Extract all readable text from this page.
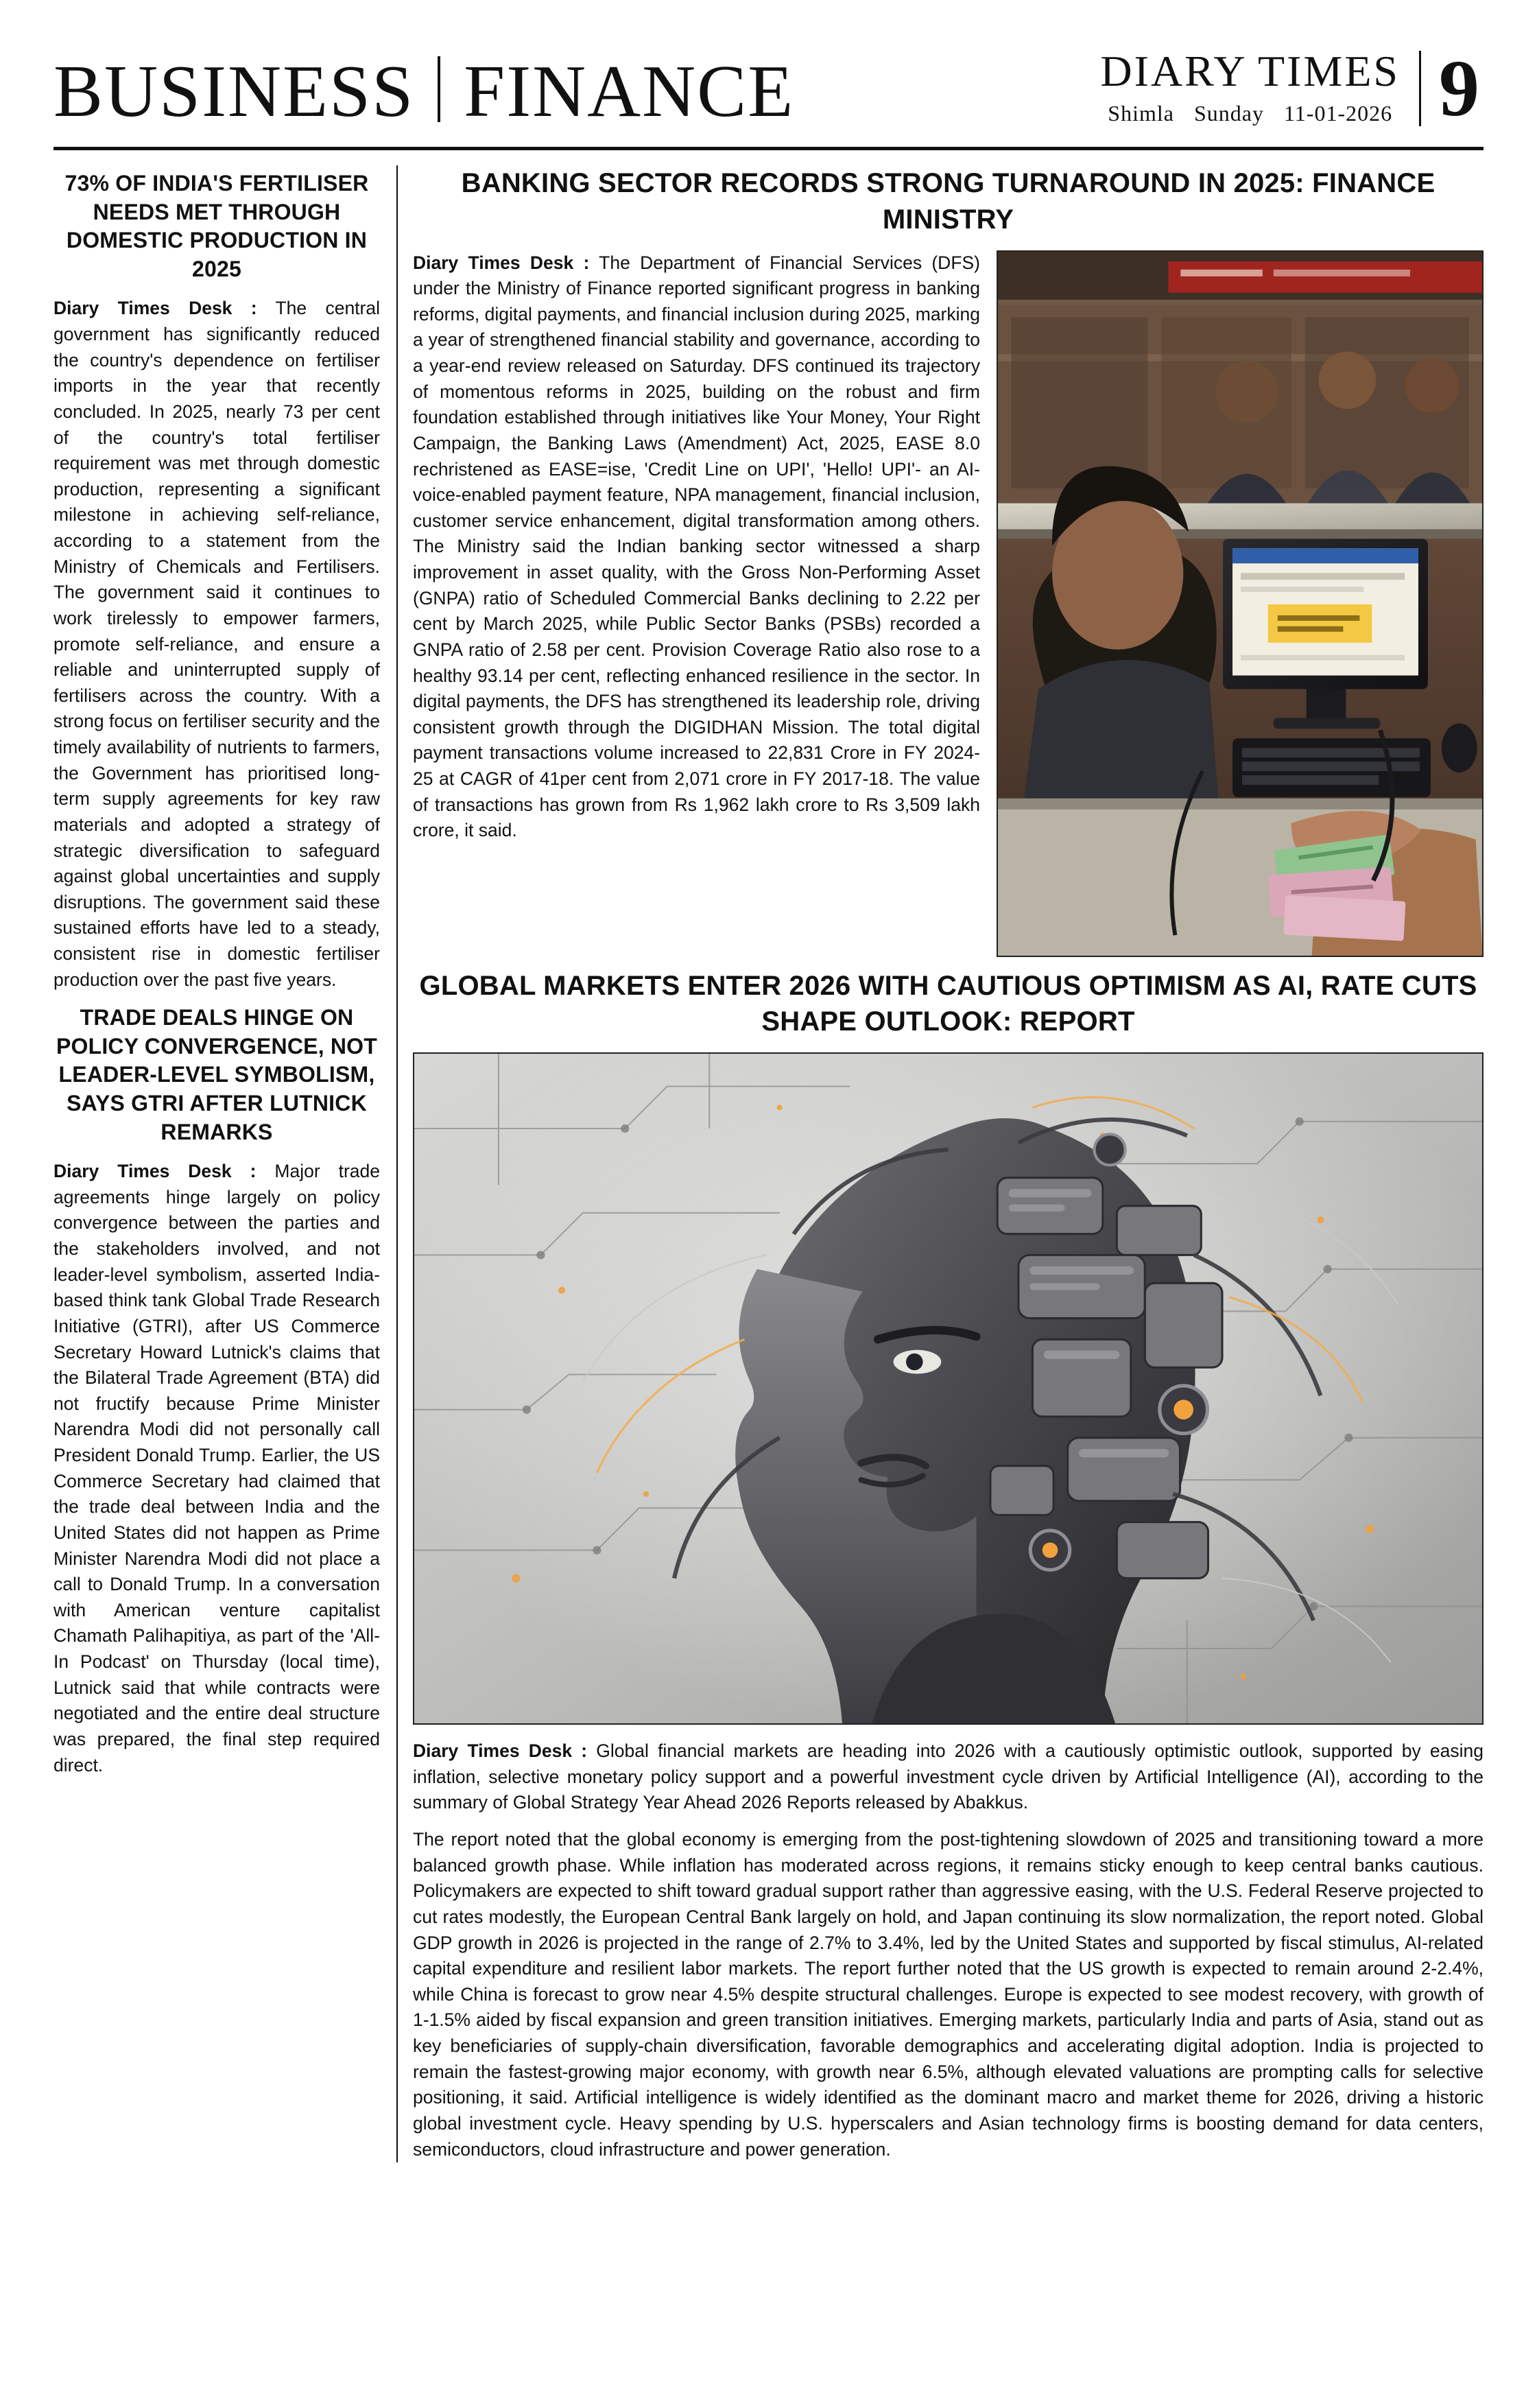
BUSINESS FINANCE	DIARY TIMES
Shimla Sunday 11-01-2026 9
73% OF INDIA'S FERTILISER NEEDS MET THROUGH DOMESTIC PRODUCTION IN 2025

Diary Times Desk : The central government has significantly reduced the country's dependence on fertiliser imports in the year that recently concluded. In 2025, nearly 73 per cent of the country's total fertiliser requirement was met through domestic production, representing a significant milestone in achieving self-reliance, according to a statement from the Ministry of Chemicals and Fertilisers. The government said it continues to work tirelessly to empower farmers, promote self-reliance, and ensure a reliable and uninterrupted supply of fertilisers across the country. With a strong focus on fertiliser security and the timely availability of nutrients to farmers, the Government has prioritised long-term supply agreements for key raw materials and adopted a strategy of strategic diversification to safeguard against global uncertainties and supply disruptions. The government said these sustained efforts have led to a steady, consistent rise in domestic fertiliser production over the past five years.

TRADE DEALS HINGE ON POLICY CONVERGENCE, NOT LEADER-LEVEL SYMBOLISM, SAYS GTRI AFTER LUTNICK REMARKS

Diary Times Desk : Major trade agreements hinge largely on policy convergence between the parties and the stakeholders involved, and not leader-level symbolism, asserted India-based think tank Global Trade Research Initiative (GTRI), after US Commerce Secretary Howard Lutnick's claims that the Bilateral Trade Agreement (BTA) did not fructify because Prime Minister Narendra Modi did not personally call President Donald Trump. Earlier, the US Commerce Secretary had claimed that the trade deal between India and the United States did not happen as Prime Minister Narendra Modi did not place a call to Donald Trump. In a conversation with American venture capitalist Chamath Palihapitiya, as part of the 'All-In Podcast' on Thursday (local time), Lutnick said that while contracts were negotiated and the entire deal structure was prepared, the final step required direct.

BANKING SECTOR RECORDS STRONG TURNAROUND IN 2025: FINANCE MINISTRY

Diary Times Desk : The Department of Financial Services (DFS) under the Ministry of Finance reported significant progress in banking reforms, digital payments, and financial inclusion during 2025, marking a year of strengthened financial stability and governance, according to a year-end review released on Saturday. DFS continued its trajectory of momentous reforms in 2025, building on the robust and firm foundation established through initiatives like Your Money, Your Right Campaign, the Banking Laws (Amendment) Act, 2025, EASE 8.0 rechristened as EASE=ise, 'Credit Line on UPI', 'Hello! UPI'- an AI-voice-enabled payment feature, NPA management, financial inclusion, customer service enhancement, digital transformation among others. The Ministry said the Indian banking sector witnessed a sharp improvement in asset quality, with the Gross Non-Performing Asset (GNPA) ratio of Scheduled Commercial Banks declining to 2.22 per cent by March 2025, while Public Sector Banks (PSBs) recorded a GNPA ratio of 2.58 per cent. Provision Coverage Ratio also rose to a healthy 93.14 per cent, reflecting enhanced resilience in the sector. In digital payments, the DFS has strengthened its leadership role, driving consistent growth through the DIGIDHAN Mission. The total digital payment transactions volume increased to 22,831 Crore in FY 2024-25 at CAGR of 41per cent from 2,071 crore in FY 2017-18. The value of transactions has grown from Rs 1,962 lakh crore to Rs 3,509 lakh crore, it said.

GLOBAL MARKETS ENTER 2026 WITH CAUTIOUS OPTIMISM AS AI, RATE CUTS SHAPE OUTLOOK: REPORT

Diary Times Desk : Global financial markets are heading into 2026 with a cautiously optimistic outlook, supported by easing inflation, selective monetary policy support and a powerful investment cycle driven by Artificial Intelligence (AI), according to the summary of Global Strategy Year Ahead 2026 Reports released by Abakkus.

The report noted that the global economy is emerging from the post-tightening slowdown of 2025 and transitioning toward a more balanced growth phase. While inflation has moderated across regions, it remains sticky enough to keep central banks cautious. Policymakers are expected to shift toward gradual support rather than aggressive easing, with the U.S. Federal Reserve projected to cut rates modestly, the European Central Bank largely on hold, and Japan continuing its slow normalization, the report noted. Global GDP growth in 2026 is projected in the range of 2.7% to 3.4%, led by the United States and supported by fiscal stimulus, AI-related capital expenditure and resilient labor markets. The report further noted that the US growth is expected to remain around 2-2.4%, while China is forecast to grow near 4.5% despite structural challenges. Europe is expected to see modest recovery, with growth of 1-1.5% aided by fiscal expansion and green transition initiatives. Emerging markets, particularly India and parts of Asia, stand out as key beneficiaries of supply-chain diversification, favorable demographics and accelerating digital adoption. India is projected to remain the fastest-growing major economy, with growth near 6.5%, although elevated valuations are prompting calls for selective positioning, it said. Artificial intelligence is widely identified as the dominant macro and market theme for 2026, driving a historic global investment cycle. Heavy spending by U.S. hyperscalers and Asian technology firms is boosting demand for data centers, semiconductors, cloud infrastructure and power generation.
